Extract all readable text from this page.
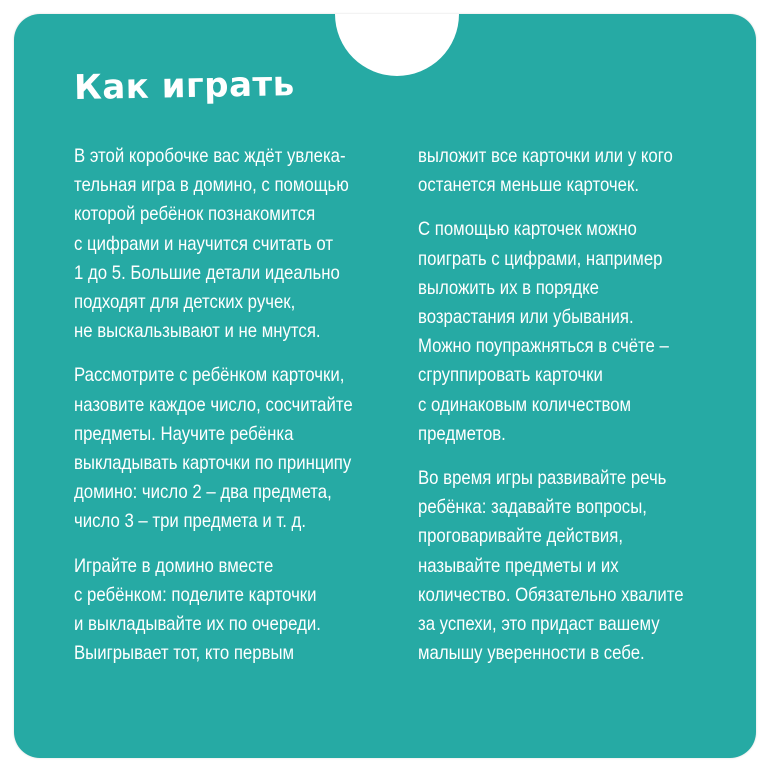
Как играть

В этой коробочке вас ждёт увлека-
тельная игра в домино, с помощью
которой ребёнок познакомится
с цифрами и научится считать от
1 до 5. Большие детали идеально
подходят для детских ручек,
не выскальзывают и не мнутся.

Рассмотрите с ребёнком карточки,
назовите каждое число, сосчитайте
предметы. Научите ребёнка
выкладывать карточки по принципу
домино: число 2 – два предмета,
число 3 – три предмета и т. д.

Играйте в домино вместе
с ребёнком: поделите карточки
и выкладывайте их по очереди.
Выигрывает тот, кто первым

выложит все карточки или у кого
останется меньше карточек.

С помощью карточек можно
поиграть с цифрами, например
выложить их в порядке
возрастания или убывания.
Можно поупражняться в счёте –
сгруппировать карточки
с одинаковым количеством
предметов.

Во время игры развивайте речь
ребёнка: задавайте вопросы,
проговаривайте действия,
называйте предметы и их
количество. Обязательно хвалите
за успехи, это придаст вашему
малышу уверенности в себе.
